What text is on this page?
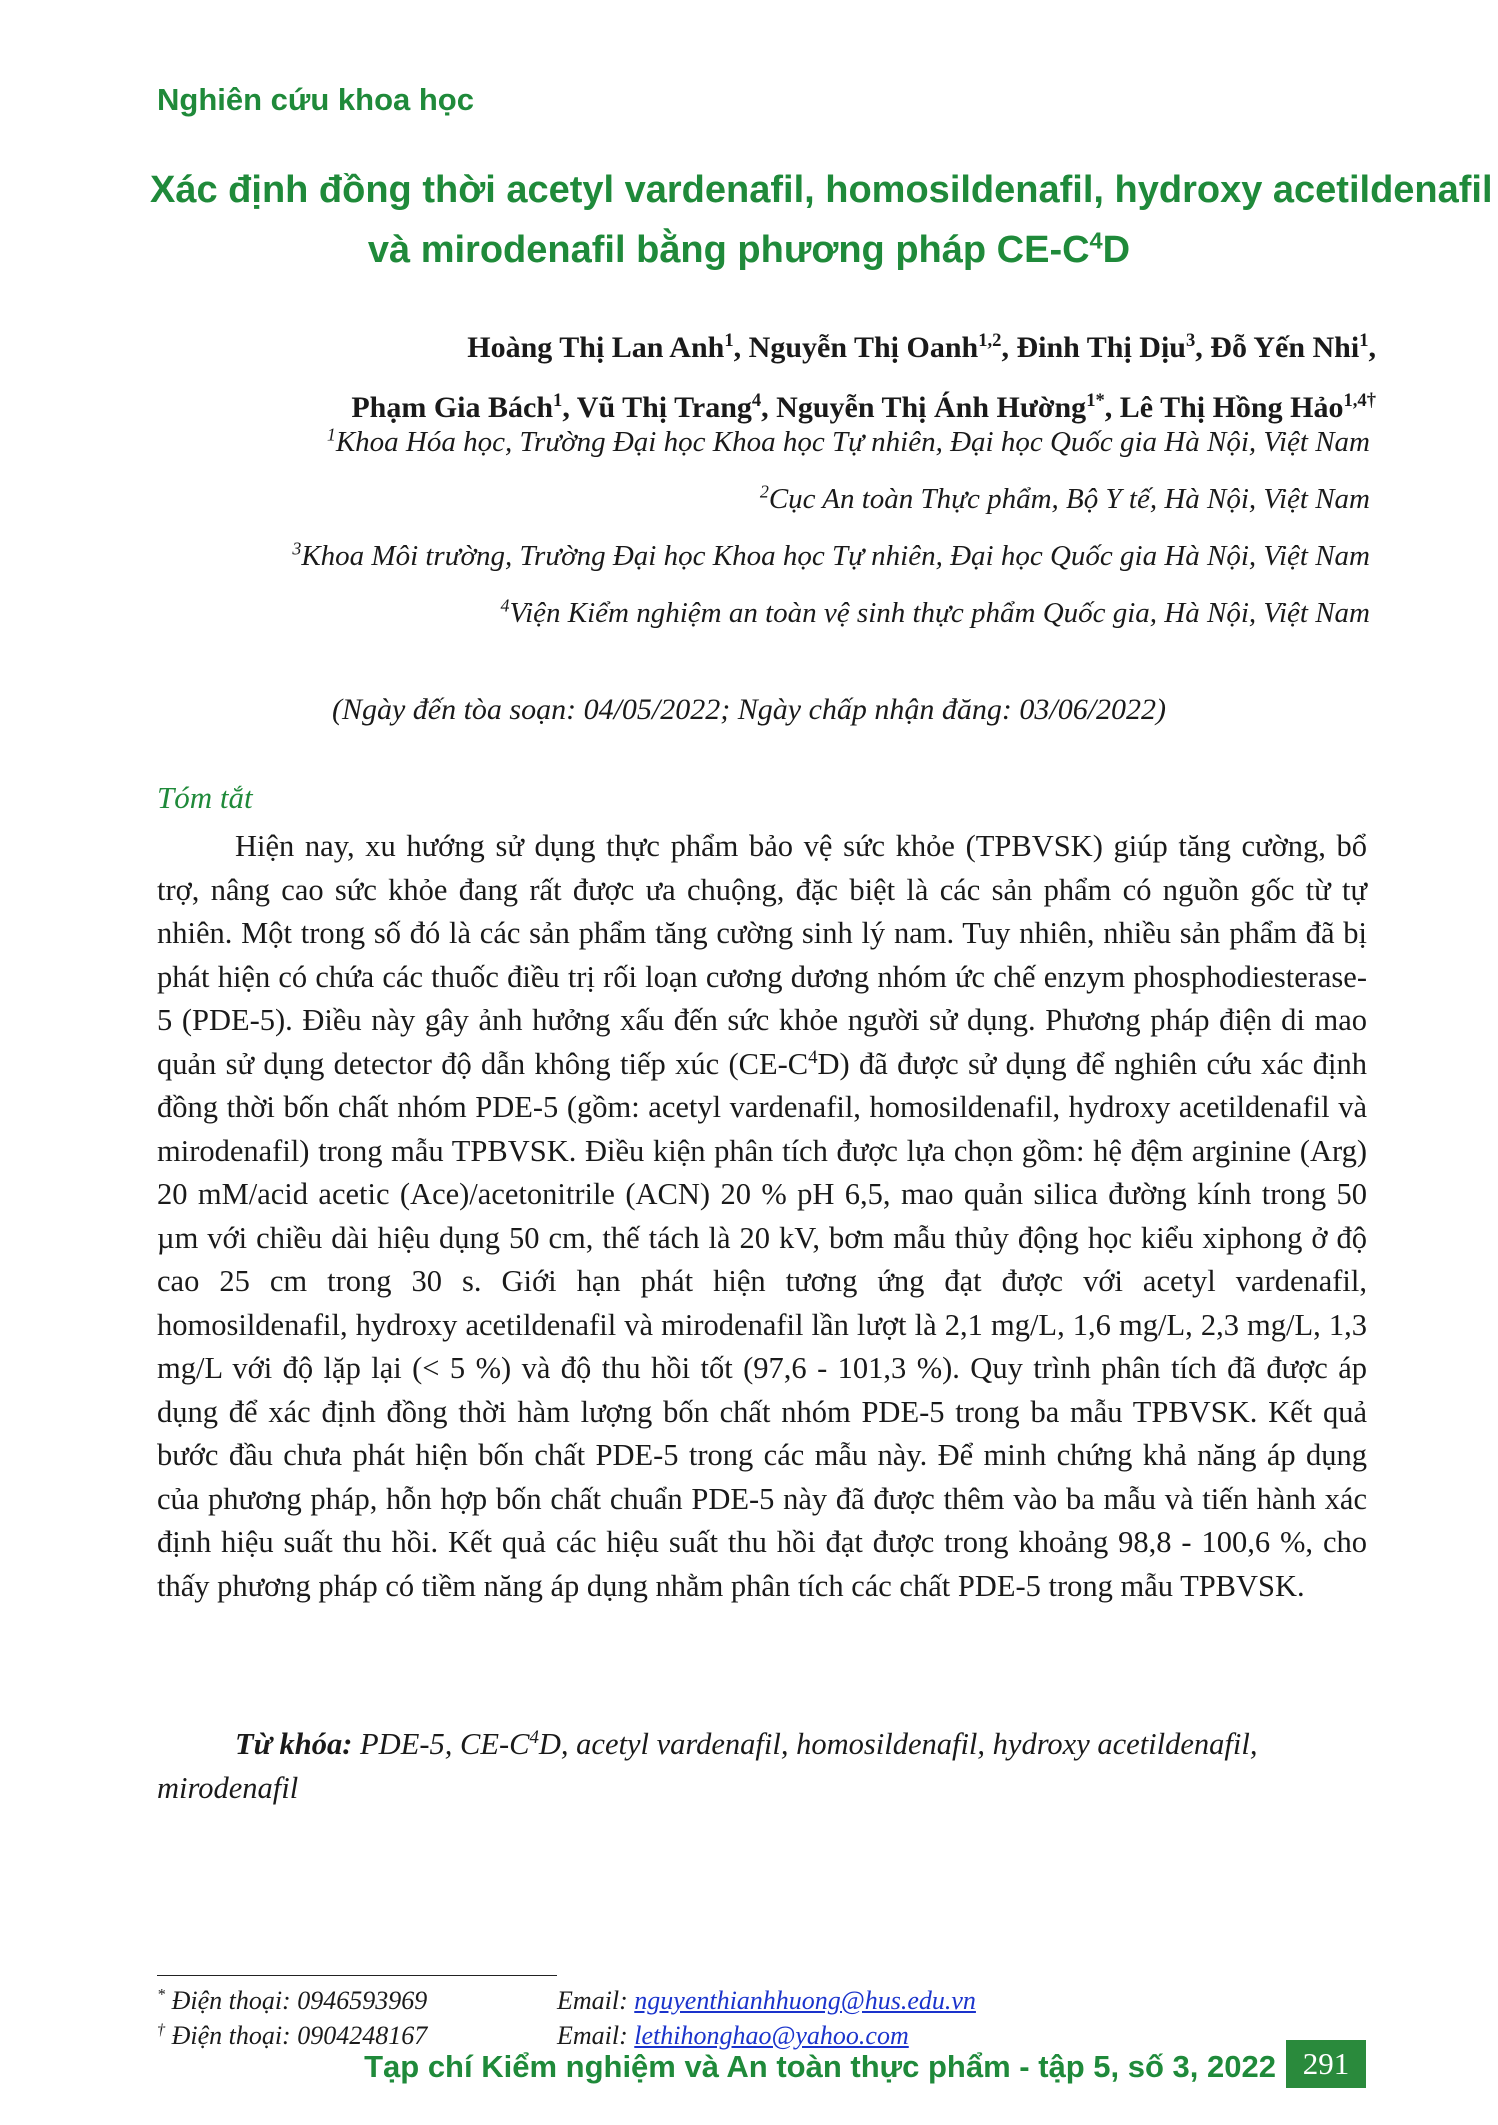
Nghiên cứu khoa học
Xác định đồng thời acetyl vardenafil, homosildenafil, hydroxy acetildenafil
và mirodenafil bằng phương pháp $CE-C^4D$
Hoàng Thị Lan Anh$^1$, Nguyễn Thị Oanh$^{1,2}$, Đinh Thị Dịu$^3$, Đỗ Yến Nhi$^1$,
Phạm Gia Bách$^1$, Vũ Thị Trang$^4$, Nguyễn Thị Ánh Hường$^{1*}$, Lê Thị Hồng Hảo$^{1,4\dagger}$
$^1$Khoa Hóa học, Trường Đại học Khoa học Tự nhiên, Đại học Quốc gia Hà Nội, Việt Nam
$^2$Cục An toàn Thực phẩm, Bộ Y tế, Hà Nội, Việt Nam
$^3$Khoa Môi trường, Trường Đại học Khoa học Tự nhiên, Đại học Quốc gia Hà Nội, Việt Nam
$^4$Viện Kiểm nghiệm an toàn vệ sinh thực phẩm Quốc gia, Hà Nội, Việt Nam
(Ngày đến tòa soạn: 04/05/2022; Ngày chấp nhận đăng: 03/06/2022)
Tóm tắt

Hiện nay, xu hướng sử dụng thực phẩm bảo vệ sức khỏe (TPBVSK) giúp tăng cường, bổ trợ, nâng cao sức khỏe đang rất được ưa chuộng, đặc biệt là các sản phẩm có nguồn gốc từ tự nhiên. Một trong số đó là các sản phẩm tăng cường sinh lý nam. Tuy nhiên, nhiều sản phẩm đã bị phát hiện có chứa các thuốc điều trị rối loạn cương dương nhóm ức chế enzym phosphodiesterase-5 (PDE-5). Điều này gây ảnh hưởng xấu đến sức khỏe người sử dụng. Phương pháp điện di mao quản sử dụng detector độ dẫn không tiếp xúc $(CE-C^4D)$ đã được sử dụng để nghiên cứu xác định đồng thời bốn chất nhóm PDE-5 (gồm: acetyl vardenafil, homosildenafil, hydroxy acetildenafil và mirodenafil) trong mẫu TPBVSK. Điều kiện phân tích được lựa chọn gồm: hệ đệm arginine (Arg) 20 mM/acid acetic (Ace)/acetonitrile (ACN) 20 % pH 6,5, mao quản silica đường kính trong 50 µm với chiều dài hiệu dụng 50 cm, thế tách là 20 kV, bơm mẫu thủy động học kiểu xiphong ở độ cao 25 cm trong 30 s. Giới hạn phát hiện tương ứng đạt được với acetyl vardenafil, homosildenafil, hydroxy acetildenafil và mirodenafil lần lượt là 2,1 mg/L, 1,6 mg/L, 2,3 mg/L, 1,3 mg/L với độ lặp lại (< 5 %) và độ thu hồi tốt (97,6 - 101,3 %). Quy trình phân tích đã được áp dụng để xác định đồng thời hàm lượng bốn chất nhóm PDE-5 trong ba mẫu TPBVSK. Kết quả bước đầu chưa phát hiện bốn chất PDE-5 trong các mẫu này. Để minh chứng khả năng áp dụng của phương pháp, hỗn hợp bốn chất chuẩn PDE-5 này đã được thêm vào ba mẫu và tiến hành xác định hiệu suất thu hồi. Kết quả các hiệu suất thu hồi đạt được trong khoảng 98,8 - 100,6 %, cho thấy phương pháp có tiềm năng áp dụng nhằm phân tích các chất PDE-5 trong mẫu TPBVSK.

Từ khóa: PDE-5, $CE-C^4D$, acetyl vardenafil, homosildenafil, hydroxy acetildenafil, mirodenafil

* Điện thoại: 0946593969	Email: nguyenthianhhuong@hus.edu.vn
† Điện thoại: 0904248167	Email: lethihonghao@yahoo.com
Tạp chí Kiểm nghiệm và An toàn thực phẩm - tập 5, số 3, 2022 291
